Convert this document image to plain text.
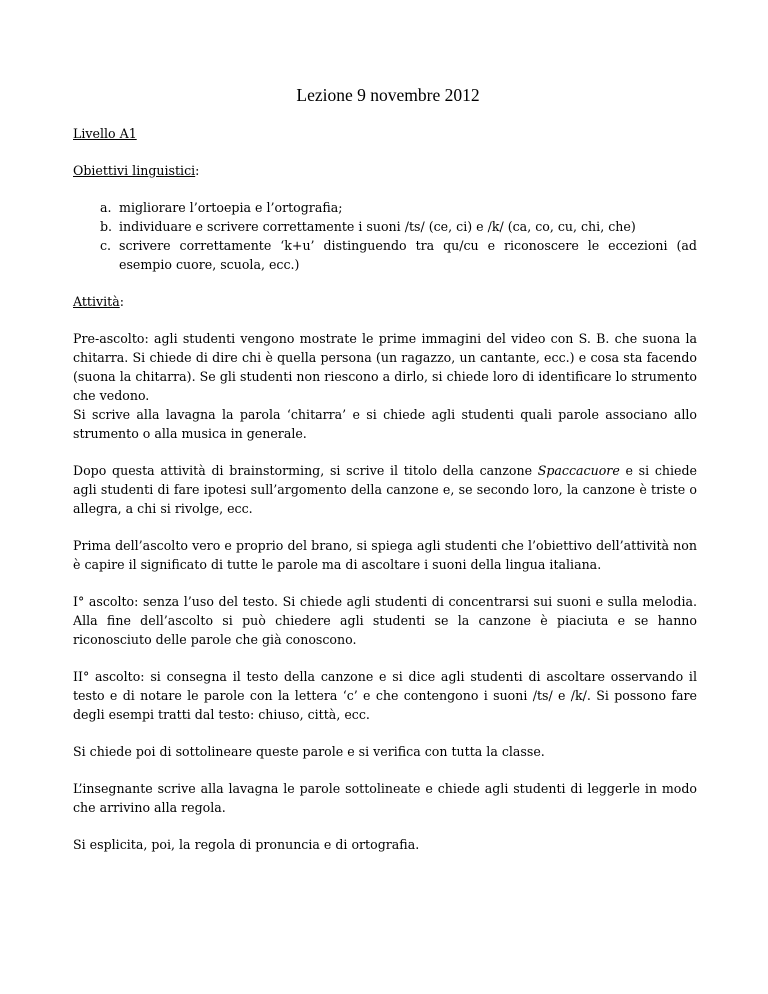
Lezione 9 novembre 2012
Livello A1
Obiettivi linguistici:
a. migliorare l’ortoepia e l’ortografia;
b. individuare e scrivere correttamente i suoni /ts/ (ce, ci) e /k/ (ca, co, cu, chi, che)
c. scrivere correttamente ‘k+u’ distinguendo tra qu/cu e riconoscere le eccezioni (ad esempio cuore, scuola, ecc.)
Attività:
Pre-ascolto: agli studenti vengono mostrate le prime immagini del video con S. B. che suona la chitarra. Si chiede di dire chi è quella persona (un ragazzo, un cantante, ecc.) e cosa sta facendo (suona la chitarra). Se gli studenti non riescono a dirlo, si chiede loro di identificare lo strumento che vedono.
Si scrive alla lavagna la parola ‘chitarra’ e si chiede agli studenti quali parole associano allo strumento o alla musica in generale.
Dopo questa attività di brainstorming, si scrive il titolo della canzone Spaccacuore e si chiede agli studenti di fare ipotesi sull’argomento della canzone e, se secondo loro, la canzone è triste o allegra, a chi si rivolge, ecc.
Prima dell’ascolto vero e proprio del brano, si spiega agli studenti che l’obiettivo dell’attività non è capire il significato di tutte le parole ma di ascoltare i suoni della lingua italiana.
I° ascolto: senza l’uso del testo. Si chiede agli studenti di concentrarsi sui suoni e sulla melodia. Alla fine dell’ascolto si può chiedere agli studenti se la canzone è piaciuta e se hanno riconosciuto delle parole che già conoscono.
II° ascolto: si consegna il testo della canzone e si dice agli studenti di ascoltare osservando il testo e di notare le parole con la lettera ‘c’ e che contengono i suoni /ts/ e /k/. Si possono fare degli esempi tratti dal testo: chiuso, città, ecc.
Si chiede poi di sottolineare queste parole e si verifica con tutta la classe.
L’insegnante scrive alla lavagna le parole sottolineate e chiede agli studenti di leggerle in modo che arrivino alla regola.
Si esplicita, poi, la regola di pronuncia e di ortografia.
